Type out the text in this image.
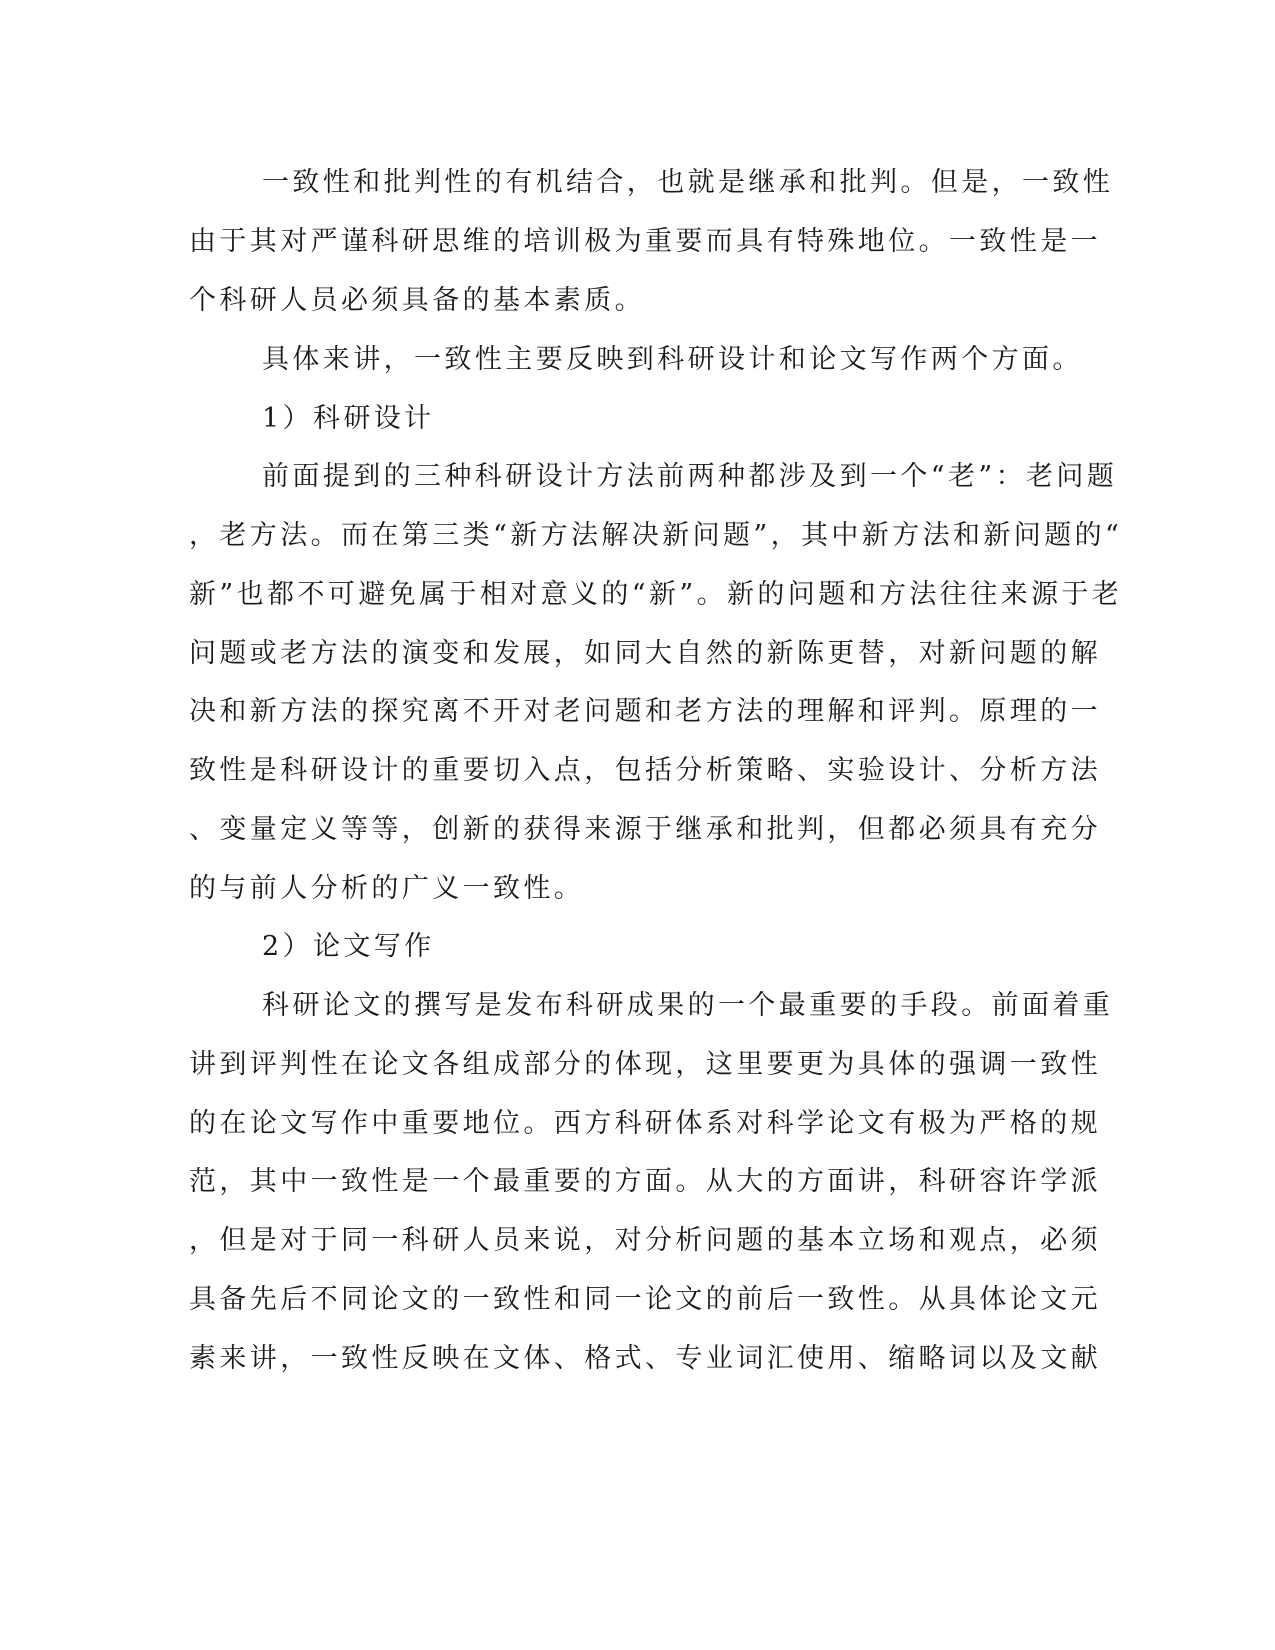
一致性和批判性的有机结合，也就是继承和批判。但是，一致性
由于其对严谨科研思维的培训极为重要而具有特殊地位。一致性是一
个科研人员必须具备的基本素质。
具体来讲，一致性主要反映到科研设计和论文写作两个方面。
1）科研设计
前面提到的三种科研设计方法前两种都涉及到一个“老”：老问题
，老方法。而在第三类“新方法解决新问题”，其中新方法和新问题的“
新”也都不可避免属于相对意义的“新”。新的问题和方法往往来源于老
问题或老方法的演变和发展，如同大自然的新陈更替，对新问题的解
决和新方法的探究离不开对老问题和老方法的理解和评判。原理的一
致性是科研设计的重要切入点，包括分析策略、实验设计、分析方法
、变量定义等等，创新的获得来源于继承和批判，但都必须具有充分
的与前人分析的广义一致性。
2）论文写作
科研论文的撰写是发布科研成果的一个最重要的手段。前面着重
讲到评判性在论文各组成部分的体现，这里要更为具体的强调一致性
的在论文写作中重要地位。西方科研体系对科学论文有极为严格的规
范，其中一致性是一个最重要的方面。从大的方面讲，科研容许学派
，但是对于同一科研人员来说，对分析问题的基本立场和观点，必须
具备先后不同论文的一致性和同一论文的前后一致性。从具体论文元
素来讲，一致性反映在文体、格式、专业词汇使用、缩略词以及文献
